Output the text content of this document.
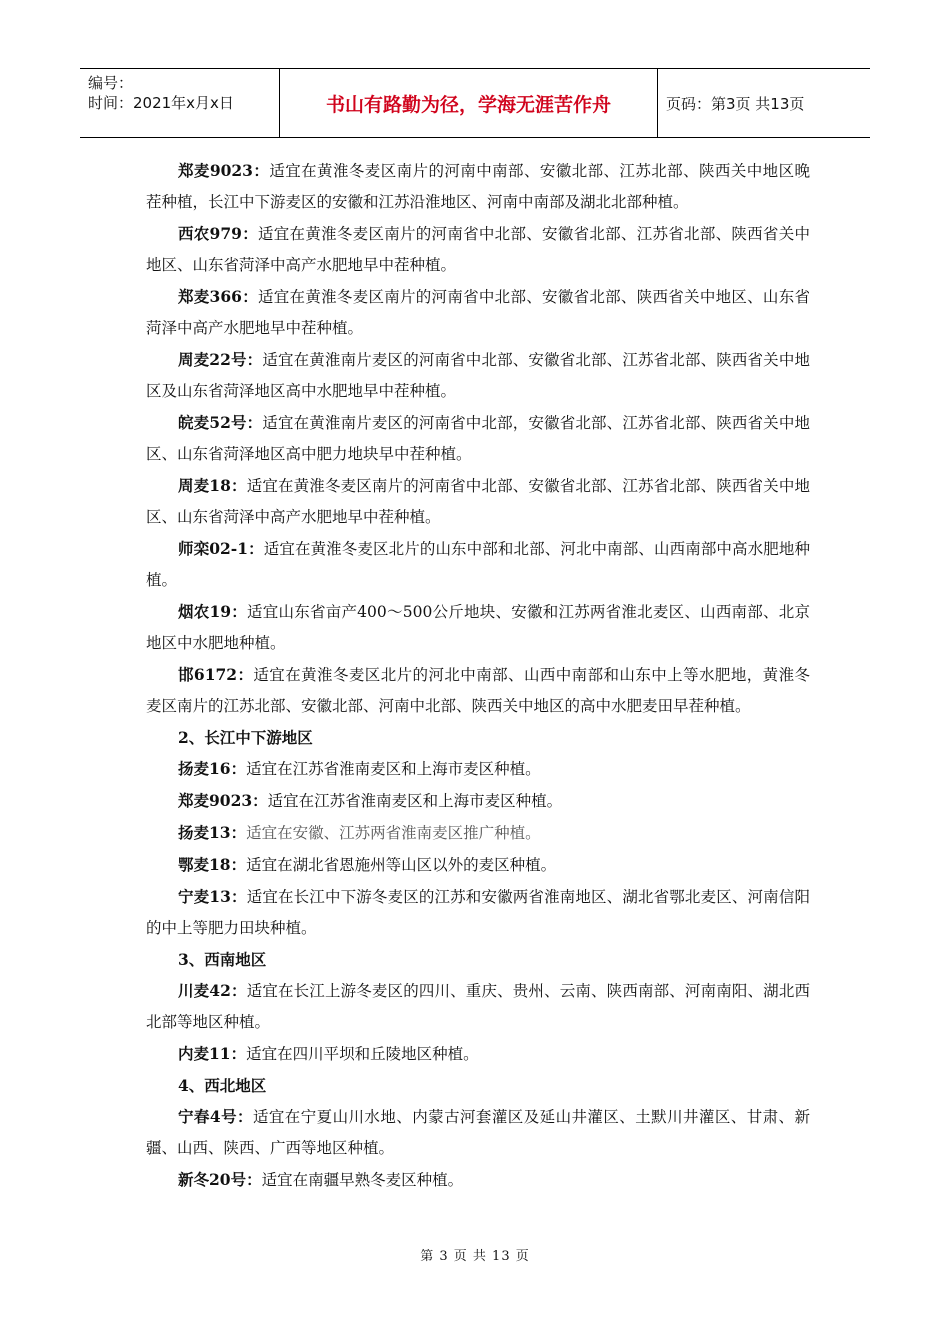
编号：
时间：2021年x月x日	书山有路勤为径，学海无涯苦作舟	页码：第3页 共13页

郑麦9023：适宜在黄淮冬麦区南片的河南中南部、安徽北部、江苏北部、陕西关中地区晚茬种植，长江中下游麦区的安徽和江苏沿淮地区、河南中南部及湖北北部种植。

西农979：适宜在黄淮冬麦区南片的河南省中北部、安徽省北部、江苏省北部、陕西省关中地区、山东省菏泽中高产水肥地早中茬种植。

郑麦366：适宜在黄淮冬麦区南片的河南省中北部、安徽省北部、陕西省关中地区、山东省菏泽中高产水肥地早中茬种植。

周麦22号：适宜在黄淮南片麦区的河南省中北部、安徽省北部、江苏省北部、陕西省关中地区及山东省菏泽地区高中水肥地早中茬种植。

皖麦52号：适宜在黄淮南片麦区的河南省中北部，安徽省北部、江苏省北部、陕西省关中地区、山东省菏泽地区高中肥力地块早中茬种植。

周麦18：适宜在黄淮冬麦区南片的河南省中北部、安徽省北部、江苏省北部、陕西省关中地区、山东省菏泽中高产水肥地早中茬种植。

师栾02-1：适宜在黄淮冬麦区北片的山东中部和北部、河北中南部、山西南部中高水肥地种植。

烟农19：适宜山东省亩产400～500公斤地块、安徽和江苏两省淮北麦区、山西南部、北京地区中水肥地种植。

邯6172：适宜在黄淮冬麦区北片的河北中南部、山西中南部和山东中上等水肥地，黄淮冬麦区南片的江苏北部、安徽北部、河南中北部、陕西关中地区的高中水肥麦田早茬种植。

2、长江中下游地区

扬麦16：适宜在江苏省淮南麦区和上海市麦区种植。

郑麦9023：适宜在江苏省淮南麦区和上海市麦区种植。

扬麦13：适宜在安徽、江苏两省淮南麦区推广种植。

鄂麦18：适宜在湖北省恩施州等山区以外的麦区种植。

宁麦13：适宜在长江中下游冬麦区的江苏和安徽两省淮南地区、湖北省鄂北麦区、河南信阳的中上等肥力田块种植。

3、西南地区

川麦42：适宜在长江上游冬麦区的四川、重庆、贵州、云南、陕西南部、河南南阳、湖北西北部等地区种植。

内麦11：适宜在四川平坝和丘陵地区种植。

4、西北地区

宁春4号：适宜在宁夏山川水地、内蒙古河套灌区及延山井灌区、土默川井灌区、甘肃、新疆、山西、陕西、广西等地区种植。

新冬20号：适宜在南疆早熟冬麦区种植。

第 3 页 共 13 页
